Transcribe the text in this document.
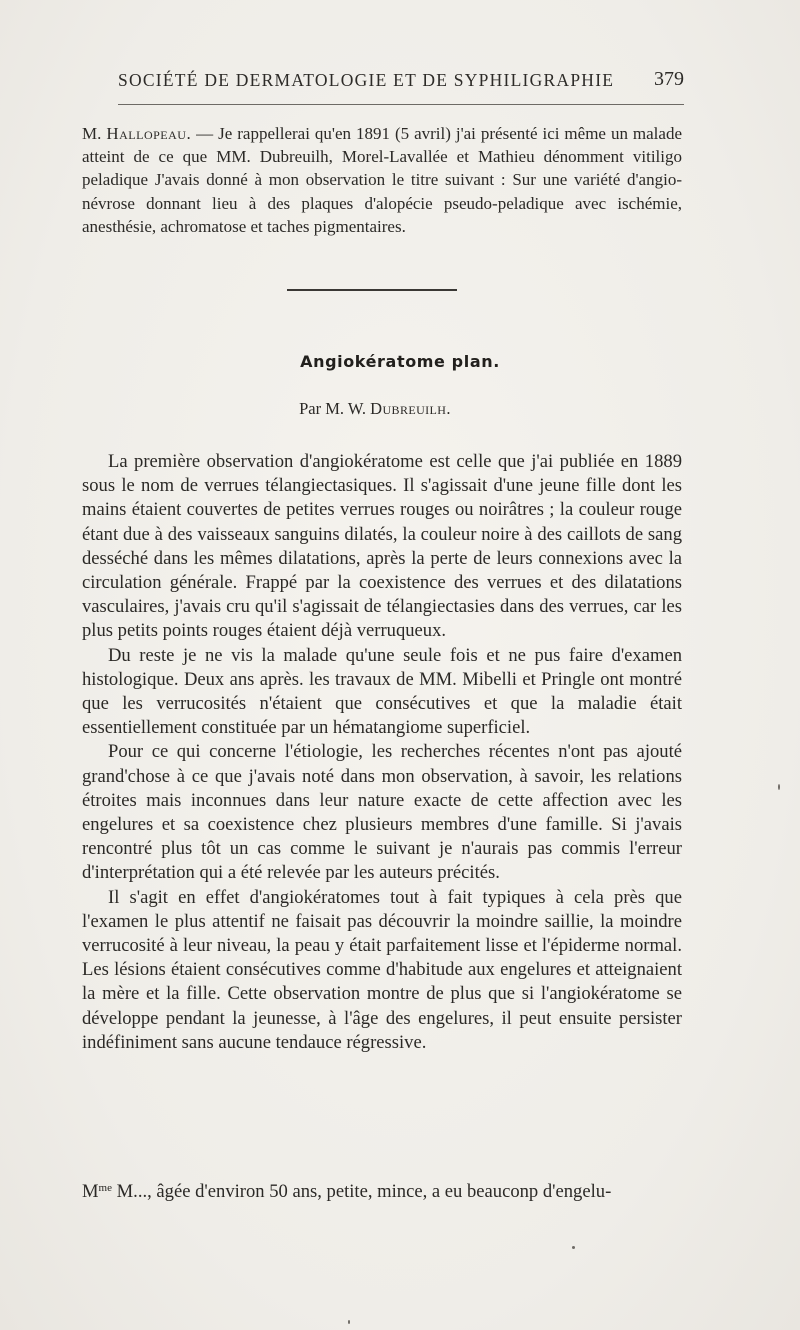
SOCIÉTÉ DE DERMATOLOGIE ET DE SYPHILIGRAPHIE 379

M. Hallopeau. — Je rappellerai qu'en 1891 (5 avril) j'ai présenté ici même un malade atteint de ce que MM. Dubreuilh, Morel-Lavallée et Mathieu dénomment vitiligo peladique J'avais donné à mon observation le titre suivant : Sur une variété d'angio-névrose donnant lieu à des plaques d'alopécie pseudo-peladique avec ischémie, anesthésie, achromatose et taches pigmentaires.

Angiokératome plan.
Par M. W. Dubreuilh.

La première observation d'angiokératome est celle que j'ai publiée en 1889 sous le nom de verrues télangiectasiques. Il s'agissait d'une jeune fille dont les mains étaient couvertes de petites verrues rouges ou noirâtres ; la couleur rouge étant due à des vaisseaux sanguins dilatés, la couleur noire à des caillots de sang desséché dans les mêmes dilatations, après la perte de leurs connexions avec la circulation générale. Frappé par la coexistence des verrues et des dilatations vasculaires, j'avais cru qu'il s'agissait de télangiectasies dans des verrues, car les plus petits points rouges étaient déjà verruqueux.

Du reste je ne vis la malade qu'une seule fois et ne pus faire d'examen histologique. Deux ans après. les travaux de MM. Mibelli et Pringle ont montré que les verrucosités n'étaient que consécutives et que la maladie était essentiellement constituée par un hématangiome superficiel.

Pour ce qui concerne l'étiologie, les recherches récentes n'ont pas ajouté grand'chose à ce que j'avais noté dans mon observation, à savoir, les relations étroites mais inconnues dans leur nature exacte de cette affection avec les engelures et sa coexistence chez plusieurs membres d'une famille. Si j'avais rencontré plus tôt un cas comme le suivant je n'aurais pas commis l'erreur d'interprétation qui a été relevée par les auteurs précités.

Il s'agit en effet d'angiokératomes tout à fait typiques à cela près que l'examen le plus attentif ne faisait pas découvrir la moindre saillie, la moindre verrucosité à leur niveau, la peau y était parfaitement lisse et l'épiderme normal. Les lésions étaient consécutives comme d'habitude aux engelures et atteignaient la mère et la fille. Cette observation montre de plus que si l'angiokératome se développe pendant la jeunesse, à l'âge des engelures, il peut ensuite persister indéfiniment sans aucune tendauce régressive.

$M^{me}$ M..., âgée d'environ 50 ans, petite, mince, a eu beauconp d'engelu-
